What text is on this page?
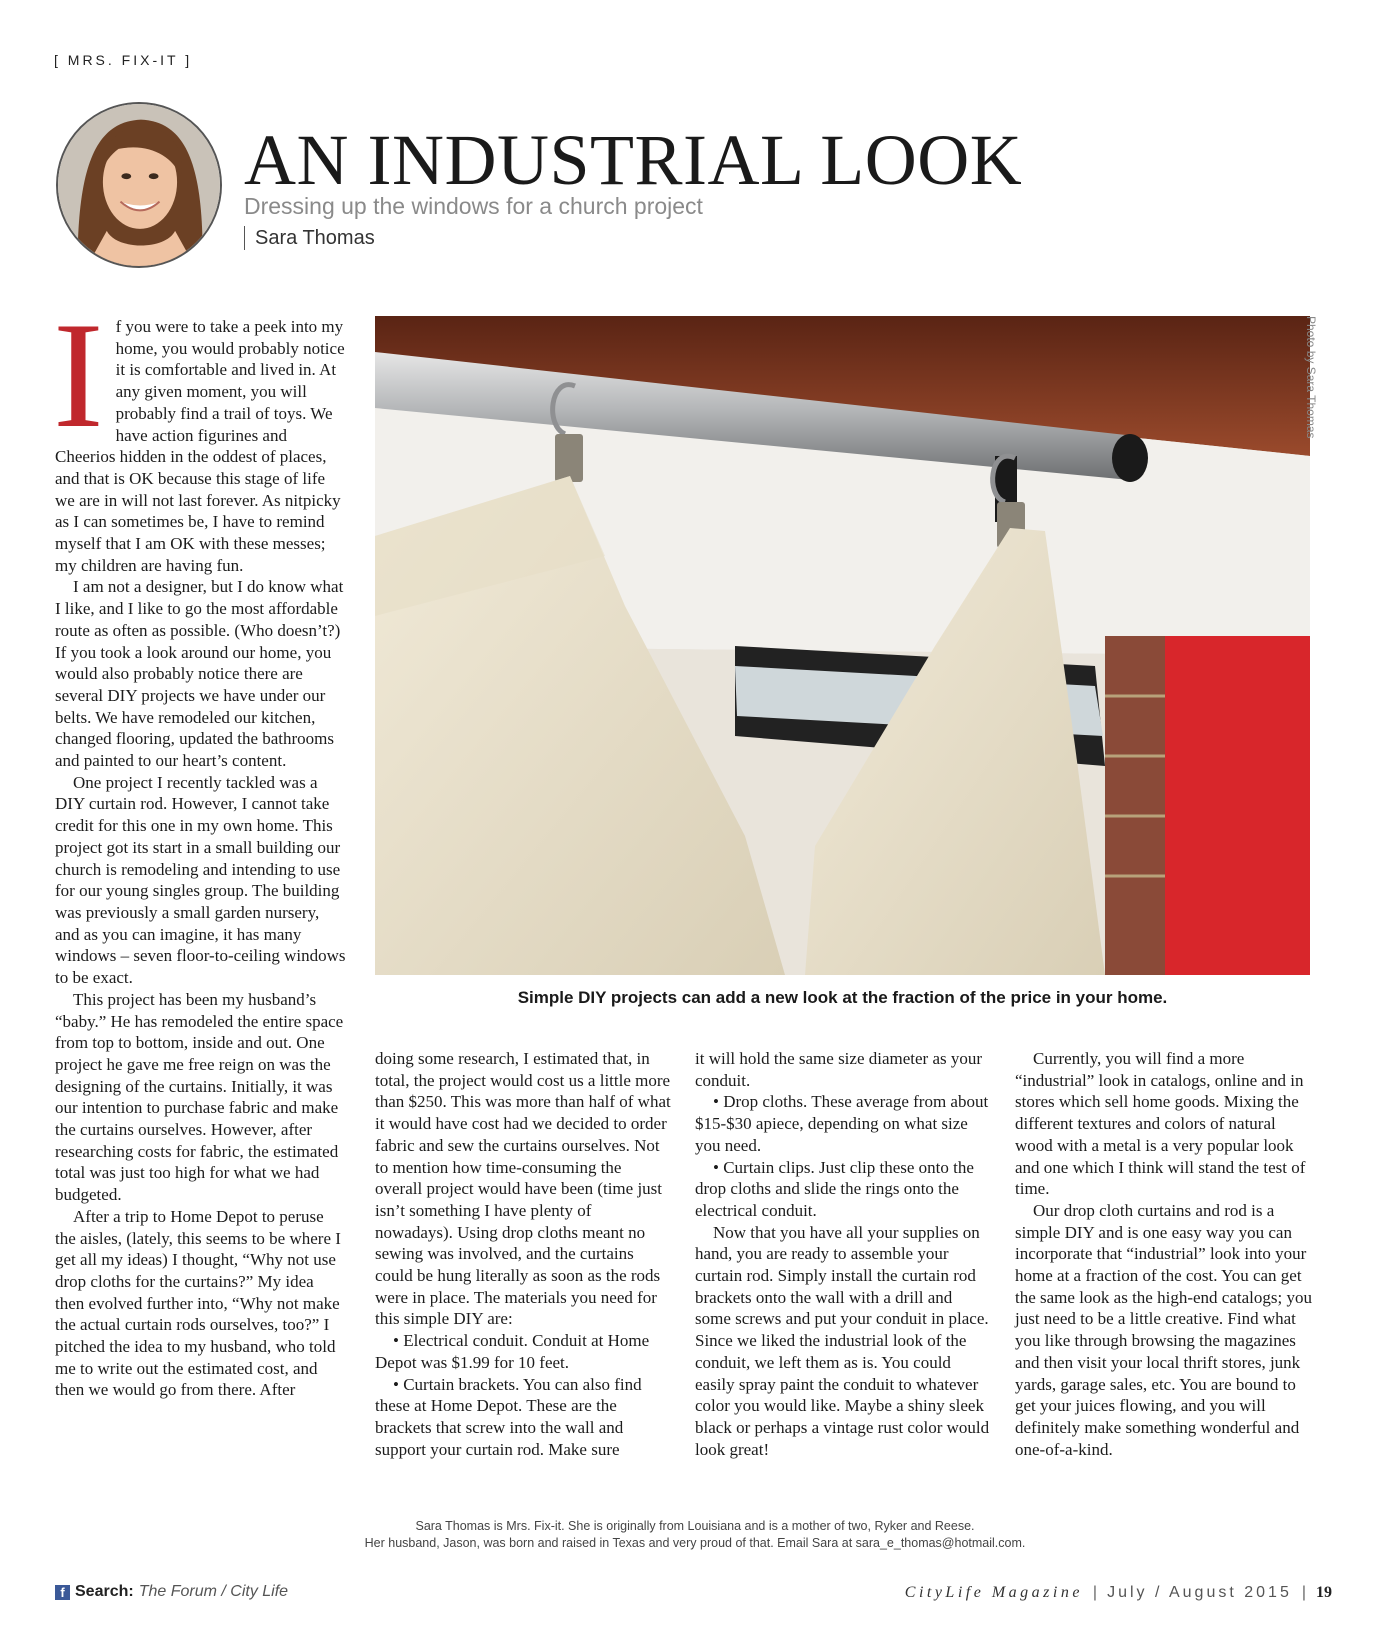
[ MRS. FIX-IT ]
AN INDUSTRIAL LOOK
Dressing up the windows for a church project
Sara Thomas

If you were to take a peek into my home, you would probably notice it is comfortable and lived in. At any given moment, you will probably find a trail of toys. We have action figurines and Cheerios hidden in the oddest of places, and that is OK because this stage of life we are in will not last forever. As nitpicky as I can sometimes be, I have to remind myself that I am OK with these messes; my children are having fun.

I am not a designer, but I do know what I like, and I like to go the most affordable route as often as possible. (Who doesn’t?) If you took a look around our home, you would also probably notice there are several DIY projects we have under our belts. We have remodeled our kitchen, changed flooring, updated the bathrooms and painted to our heart’s content.

One project I recently tackled was a DIY curtain rod. However, I cannot take credit for this one in my own home. This project got its start in a small building our church is remodeling and intending to use for our young singles group. The building was previously a small garden nursery, and as you can imagine, it has many windows – seven floor-to-ceiling windows to be exact.

This project has been my husband’s “baby.” He has remodeled the entire space from top to bottom, inside and out. One project he gave me free reign on was the designing of the curtains. Initially, it was our intention to purchase fabric and make the curtains ourselves. However, after researching costs for fabric, the estimated total was just too high for what we had budgeted.

After a trip to Home Depot to peruse the aisles, (lately, this seems to be where I get all my ideas) I thought, “Why not use drop cloths for the curtains?” My idea then evolved further into, “Why not make the actual curtain rods ourselves, too?” I pitched the idea to my husband, who told me to write out the estimated cost, and then we would go from there. After

Photo by Sara Thomas
Simple DIY projects can add a new look at the fraction of the price in your home.

doing some research, I estimated that, in total, the project would cost us a little more than $250. This was more than half of what it would have cost had we decided to order fabric and sew the curtains ourselves. Not to mention how time-consuming the overall project would have been (time just isn’t something I have plenty of nowadays). Using drop cloths meant no sewing was involved, and the curtains could be hung literally as soon as the rods were in place. The materials you need for this simple DIY are:

• Electrical conduit. Conduit at Home Depot was $1.99 for 10 feet.

• Curtain brackets. You can also find these at Home Depot. These are the brackets that screw into the wall and support your curtain rod. Make sure

it will hold the same size diameter as your conduit.

• Drop cloths. These average from about $15-$30 apiece, depending on what size you need.

• Curtain clips. Just clip these onto the drop cloths and slide the rings onto the electrical conduit.

Now that you have all your supplies on hand, you are ready to assemble your curtain rod. Simply install the curtain rod brackets onto the wall with a drill and some screws and put your conduit in place. Since we liked the industrial look of the conduit, we left them as is. You could easily spray paint the conduit to whatever color you would like. Maybe a shiny sleek black or perhaps a vintage rust color would look great!

Currently, you will find a more “industrial” look in catalogs, online and in stores which sell home goods. Mixing the different textures and colors of natural wood with a metal is a very popular look and one which I think will stand the test of time.

Our drop cloth curtains and rod is a simple DIY and is one easy way you can incorporate that “industrial” look into your home at a fraction of the cost. You can get the same look as the high-end catalogs; you just need to be a little creative. Find what you like through browsing the magazines and then visit your local thrift stores, junk yards, garage sales, etc. You are bound to get your juices flowing, and you will definitely make something wonderful and one-of-a-kind.

Sara Thomas is Mrs. Fix-it. She is originally from Louisiana and is a mother of two, Ryker and Reese.
Her husband, Jason, was born and raised in Texas and very proud of that. Email Sara at sara_e_thomas@hotmail.com.
f Search: The Forum / City Life	CityLife Magazine | July / August 2015 | 19
